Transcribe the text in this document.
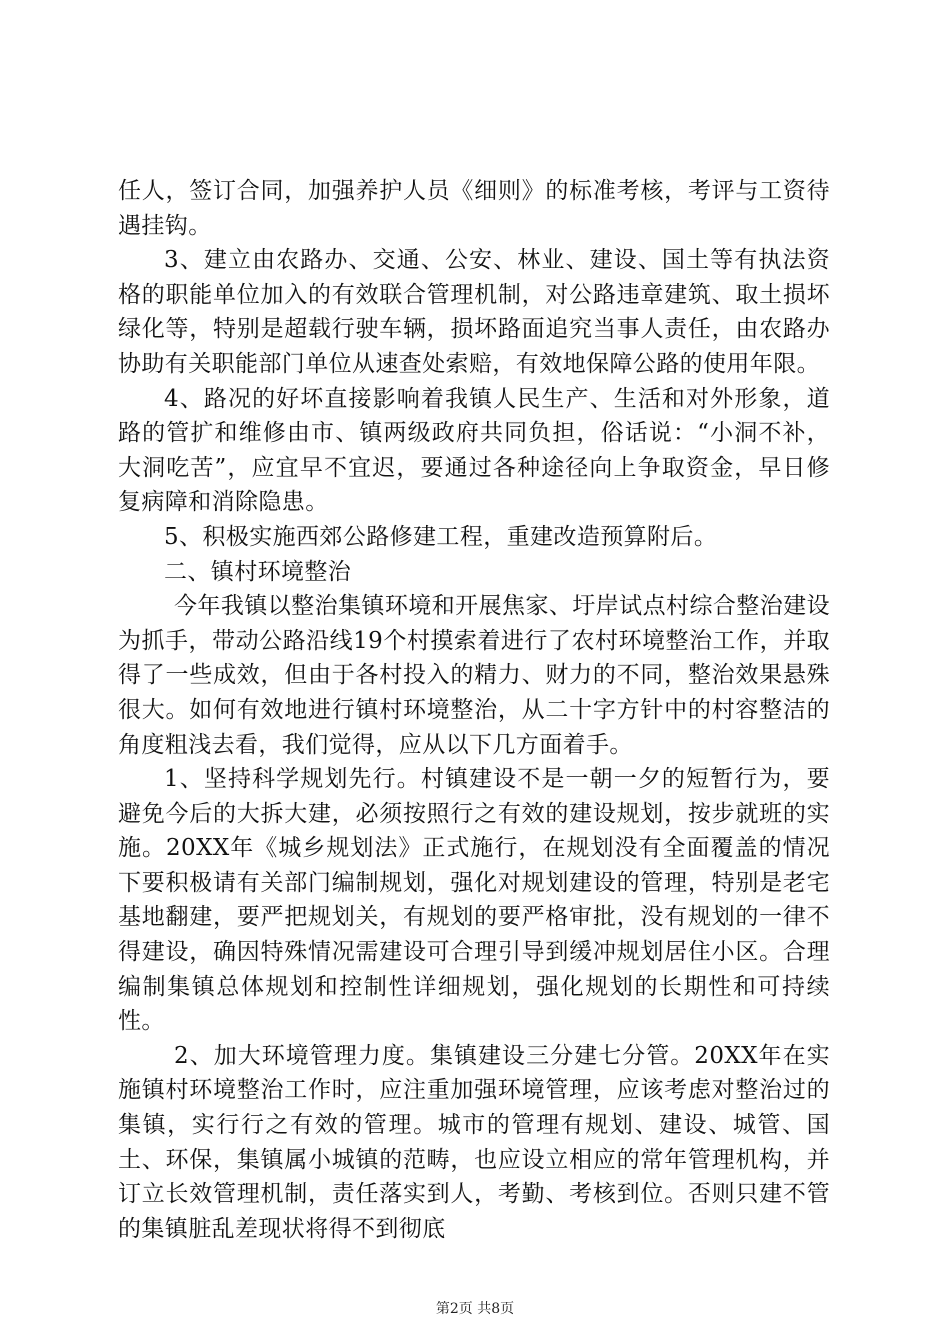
任人，签订合同，加强养护人员《细则》的标准考核，考评与工资待遇挂钩。

3、建立由农路办、交通、公安、林业、建设、国土等有执法资格的职能单位加入的有效联合管理机制，对公路违章建筑、取土损坏绿化等，特别是超载行驶车辆，损坏路面追究当事人责任，由农路办协助有关职能部门单位从速查处索赔，有效地保障公路的使用年限。

4、路况的好坏直接影响着我镇人民生产、生活和对外形象，道路的管扩和维修由市、镇两级政府共同负担，俗话说：“小洞不补，大洞吃苦”，应宜早不宜迟，要通过各种途径向上争取资金，早日修复病障和消除隐患。

5、积极实施西郊公路修建工程，重建改造预算附后。

二、镇村环境整治

今年我镇以整治集镇环境和开展焦家、圩岸试点村综合整治建设为抓手，带动公路沿线19个村摸索着进行了农村环境整治工作，并取得了一些成效，但由于各村投入的精力、财力的不同，整治效果悬殊很大。如何有效地进行镇村环境整治，从二十字方针中的村容整洁的角度粗浅去看，我们觉得，应从以下几方面着手。

1、坚持科学规划先行。村镇建设不是一朝一夕的短暂行为，要避免今后的大拆大建，必须按照行之有效的建设规划，按步就班的实施。20XX年《城乡规划法》正式施行，在规划没有全面覆盖的情况下要积极请有关部门编制规划，强化对规划建设的管理，特别是老宅基地翻建，要严把规划关，有规划的要严格审批，没有规划的一律不得建设，确因特殊情况需建设可合理引导到缓冲规划居住小区。合理编制集镇总体规划和控制性详细规划，强化规划的长期性和可持续性。

2、加大环境管理力度。集镇建设三分建七分管。20XX年在实施镇村环境整治工作时，应注重加强环境管理，应该考虑对整治过的集镇，实行行之有效的管理。城市的管理有规划、建设、城管、国土、环保，集镇属小城镇的范畴，也应设立相应的常年管理机构，并订立长效管理机制，责任落实到人，考勤、考核到位。否则只建不管的集镇脏乱差现状将得不到彻底

第2页 共8页
